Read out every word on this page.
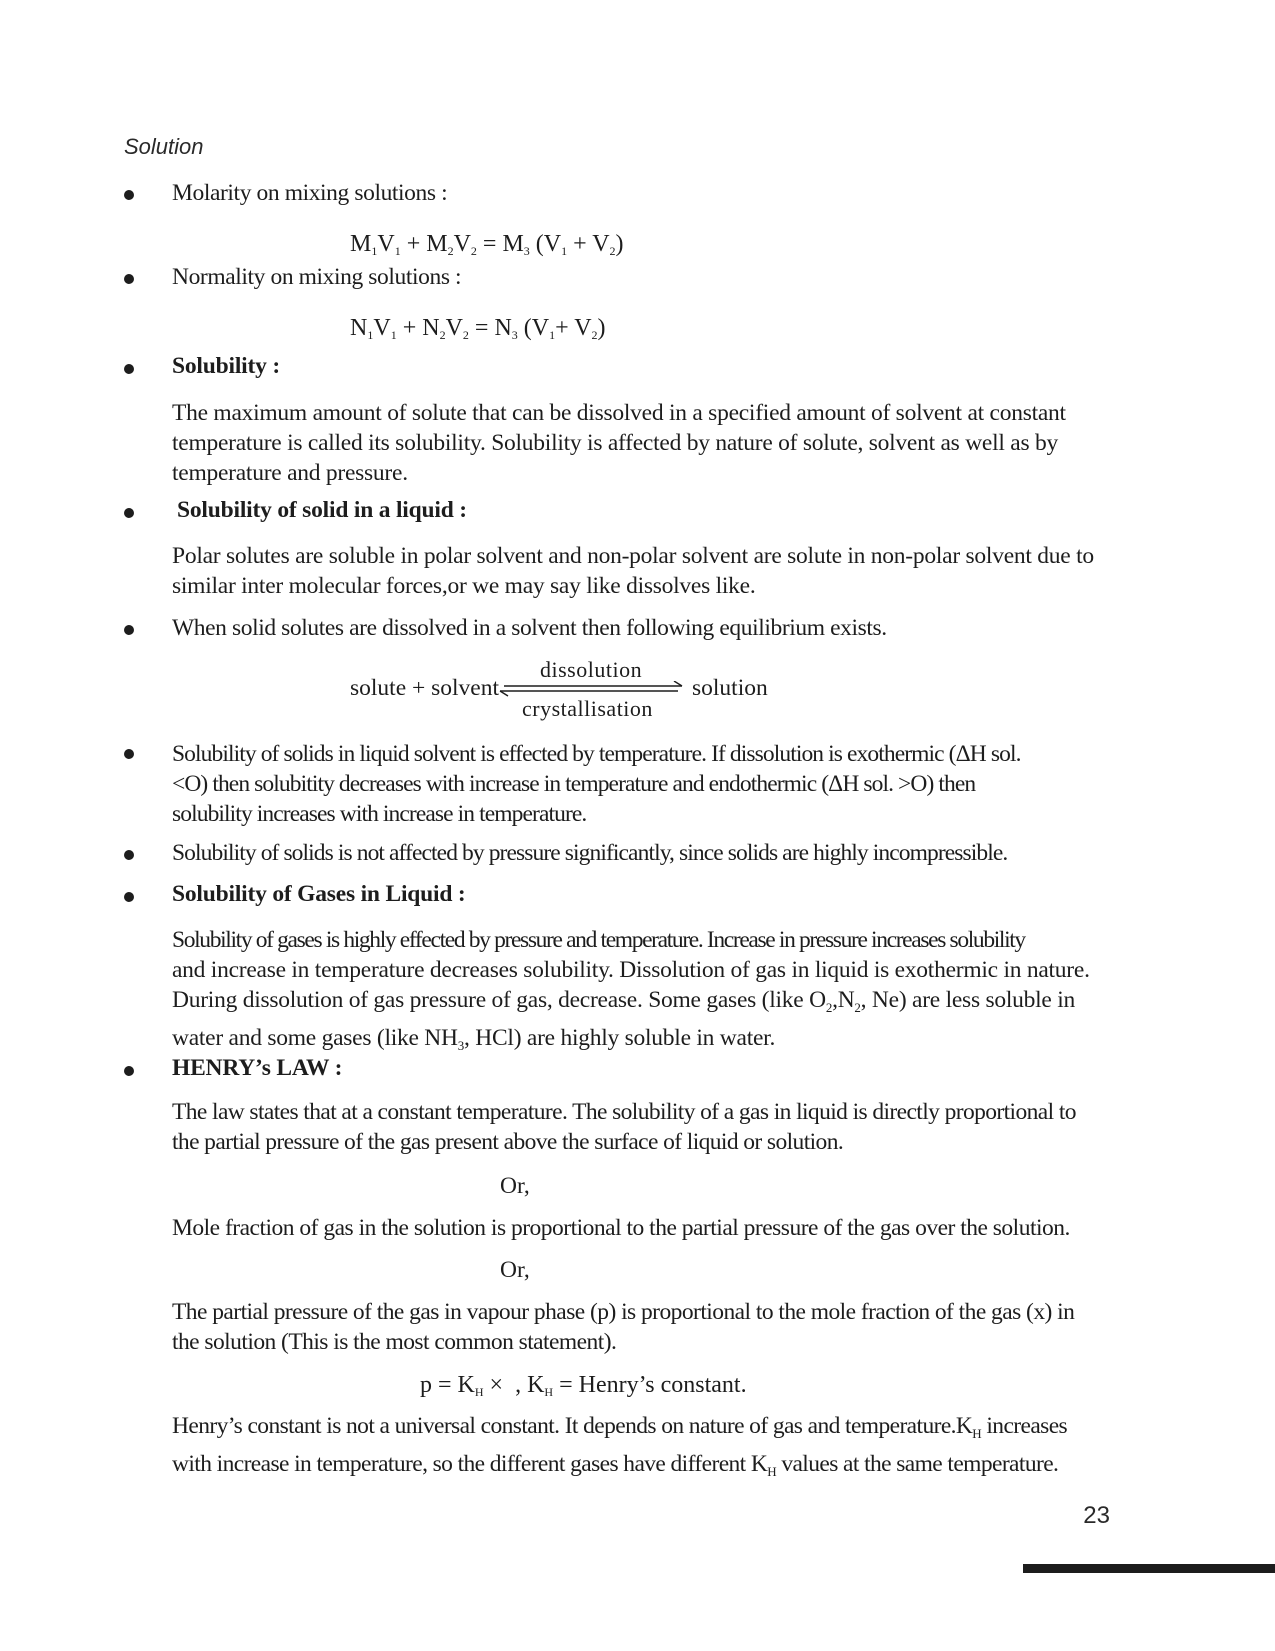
Solution
Molarity on mixing solutions :
$M_1V_1 + M_2V_2 = M_3$ $(V_1 + V_2)$
Normality on mixing solutions :
$N_1V_1 + N_2V_2 = N_3$ $(V_1+ V_2)$
Solubility :
The maximum amount of solute that can be dissolved in a specified amount of solvent at constant
temperature is called its solubility. Solubility is affected by nature of solute, solvent as well as by
temperature and pressure.
Solubility of solid in a liquid :
Polar solutes are soluble in polar solvent and non-polar solvent are solute in non-polar solvent due to
similar inter molecular forces,or we may say like dissolves like.
When solid solutes are dissolved in a solvent then following equilibrium exists.
solute + solvent
dissolution
crystallisation
solution
Solubility of solids in liquid solvent is effected by temperature. If dissolution is exothermic (ΔH sol.
<O) then solubitity decreases with increase in temperature and endothermic (ΔH sol. >O) then
solubility increases with increase in temperature.
Solubility of solids is not affected by pressure significantly, since solids are highly incompressible.
Solubility of Gases in Liquid :
Solubility of gases is highly effected by pressure and temperature. Increase in pressure increases solubility
and increase in temperature decreases solubility. Dissolution of gas in liquid is exothermic in nature.
During dissolution of gas pressure of gas, decrease. Some gases (like $O_2,N_2$, Ne) are less soluble in
water and some gases (like $NH_3$, HCl) are highly soluble in water.
HENRY’s LAW :
The law states that at a constant temperature. The solubility of a gas in liquid is directly proportional to
the partial pressure of the gas present above the surface of liquid or solution.
Or,
Mole fraction of gas in the solution is proportional to the partial pressure of the gas over the solution.
Or,
The partial pressure of the gas in vapour phase (p) is proportional to the mole fraction of the gas (x) in
the solution (This is the most common statement).
$p = K_H$ ×  , $K_H$ = Henry’s constant.
Henry’s constant is not a universal constant. It depends on nature of gas and $temperature.K_H$ increases
with increase in temperature, so the different gases have different $K_H$ values at the same temperature.
23
